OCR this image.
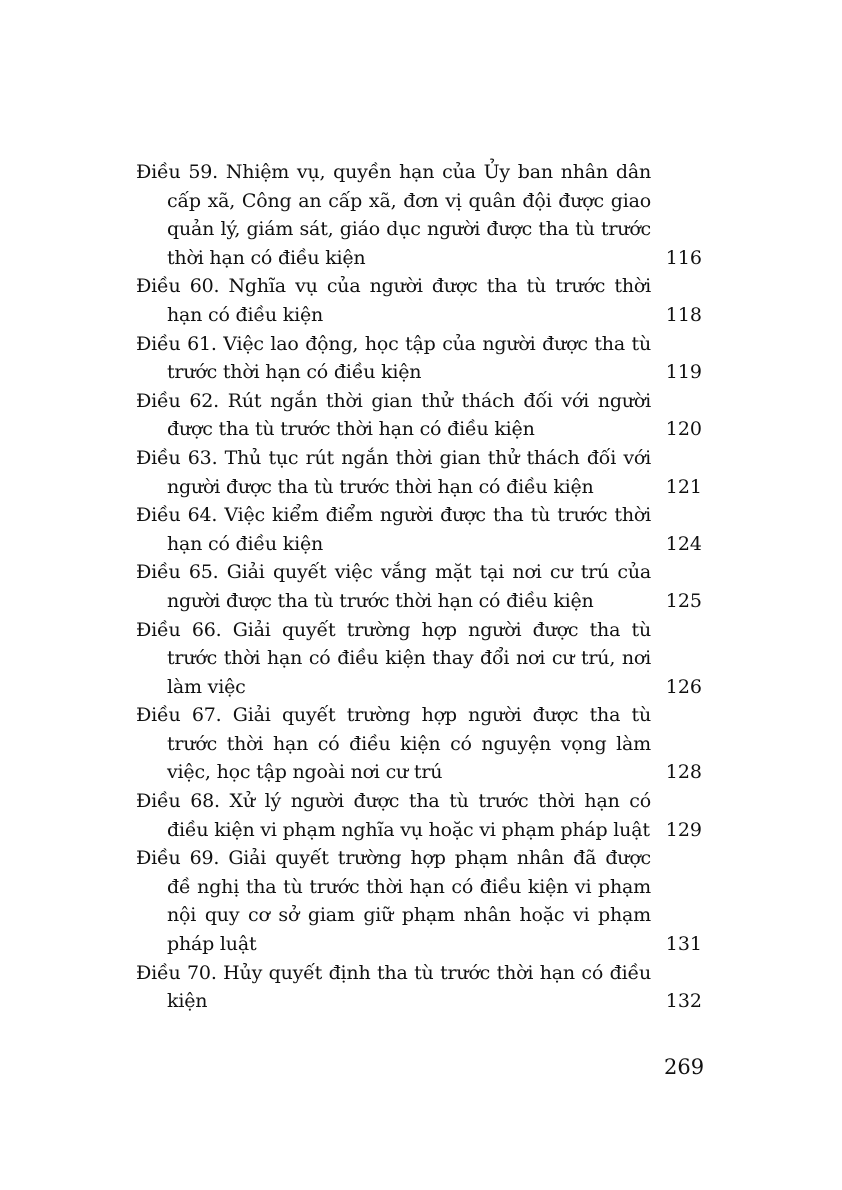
Điều 59. Nhiệm vụ, quyền hạn của Ủy ban nhân dân cấp xã, Công an cấp xã, đơn vị quân đội được giao quản lý, giám sát, giáo dục người được tha tù trước thời hạn có điều kiện	116
Điều 60. Nghĩa vụ của người được tha tù trước thời hạn có điều kiện	118
Điều 61. Việc lao động, học tập của người được tha tù trước thời hạn có điều kiện	119
Điều 62. Rút ngắn thời gian thử thách đối với người được tha tù trước thời hạn có điều kiện	120
Điều 63. Thủ tục rút ngắn thời gian thử thách đối với người được tha tù trước thời hạn có điều kiện	121
Điều 64. Việc kiểm điểm người được tha tù trước thời hạn có điều kiện	124
Điều 65. Giải quyết việc vắng mặt tại nơi cư trú của người được tha tù trước thời hạn có điều kiện	125
Điều 66. Giải quyết trường hợp người được tha tù trước thời hạn có điều kiện thay đổi nơi cư trú, nơi làm việc	126
Điều 67. Giải quyết trường hợp người được tha tù trước thời hạn có điều kiện có nguyện vọng làm việc, học tập ngoài nơi cư trú	128
Điều 68. Xử lý người được tha tù trước thời hạn có điều kiện vi phạm nghĩa vụ hoặc vi phạm pháp luật 129
Điều 69. Giải quyết trường hợp phạm nhân đã được đề nghị tha tù trước thời hạn có điều kiện vi phạm nội quy cơ sở giam giữ phạm nhân hoặc vi phạm pháp luật	131
Điều 70. Hủy quyết định tha tù trước thời hạn có điều kiện	132
269
